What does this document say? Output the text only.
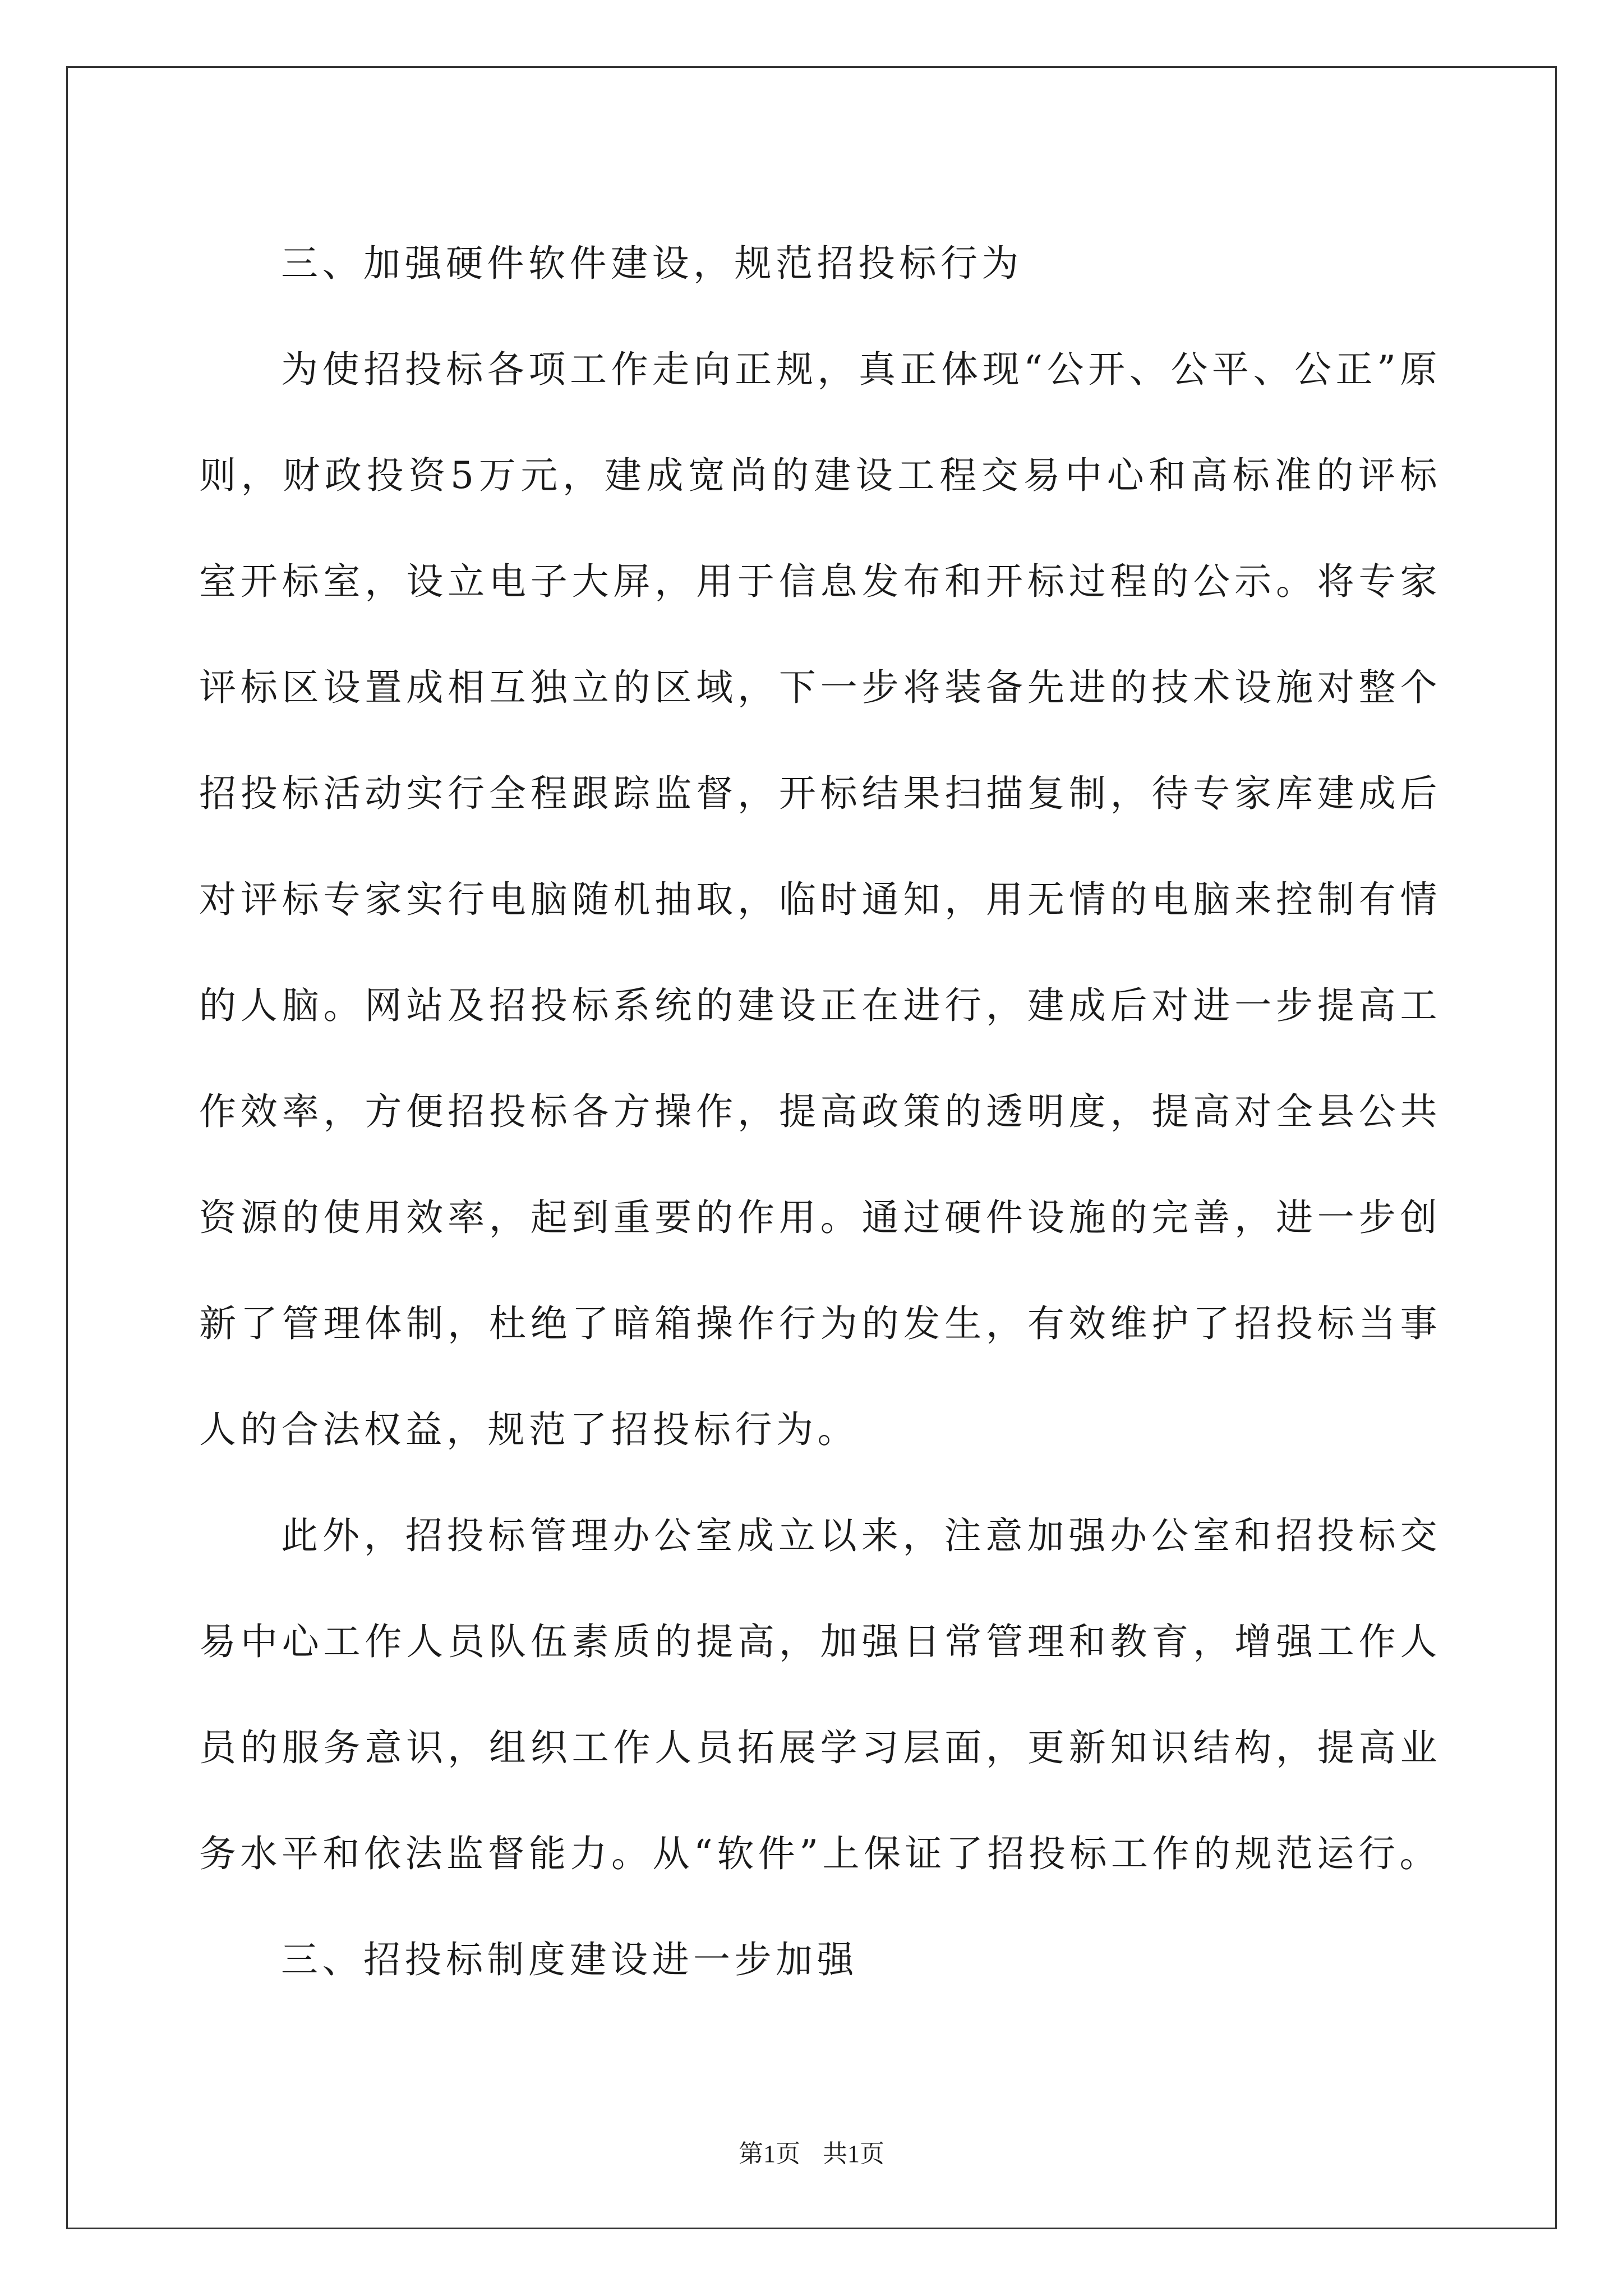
三、加强硬件软件建设，规范招投标行为

为使招投标各项工作走向正规，真正体现“公开、公平、公正”原则，财政投资5万元，建成宽尚的建设工程交易中心和高标准的评标室开标室，设立电子大屏，用于信息发布和开标过程的公示。将专家评标区设置成相互独立的区域，下一步将装备先进的技术设施对整个招投标活动实行全程跟踪监督，开标结果扫描复制，待专家库建成后对评标专家实行电脑随机抽取，临时通知，用无情的电脑来控制有情的人脑。网站及招投标系统的建设正在进行，建成后对进一步提高工作效率，方便招投标各方操作，提高政策的透明度，提高对全县公共资源的使用效率，起到重要的作用。通过硬件设施的完善，进一步创新了管理体制，杜绝了暗箱操作行为的发生，有效维护了招投标当事人的合法权益，规范了招投标行为。

此外，招投标管理办公室成立以来，注意加强办公室和招投标交易中心工作人员队伍素质的提高，加强日常管理和教育，增强工作人员的服务意识，组织工作人员拓展学习层面，更新知识结构，提高业务水平和依法监督能力。从“软件”上保证了招投标工作的规范运行。

三、招投标制度建设进一步加强

第1页 共1页
